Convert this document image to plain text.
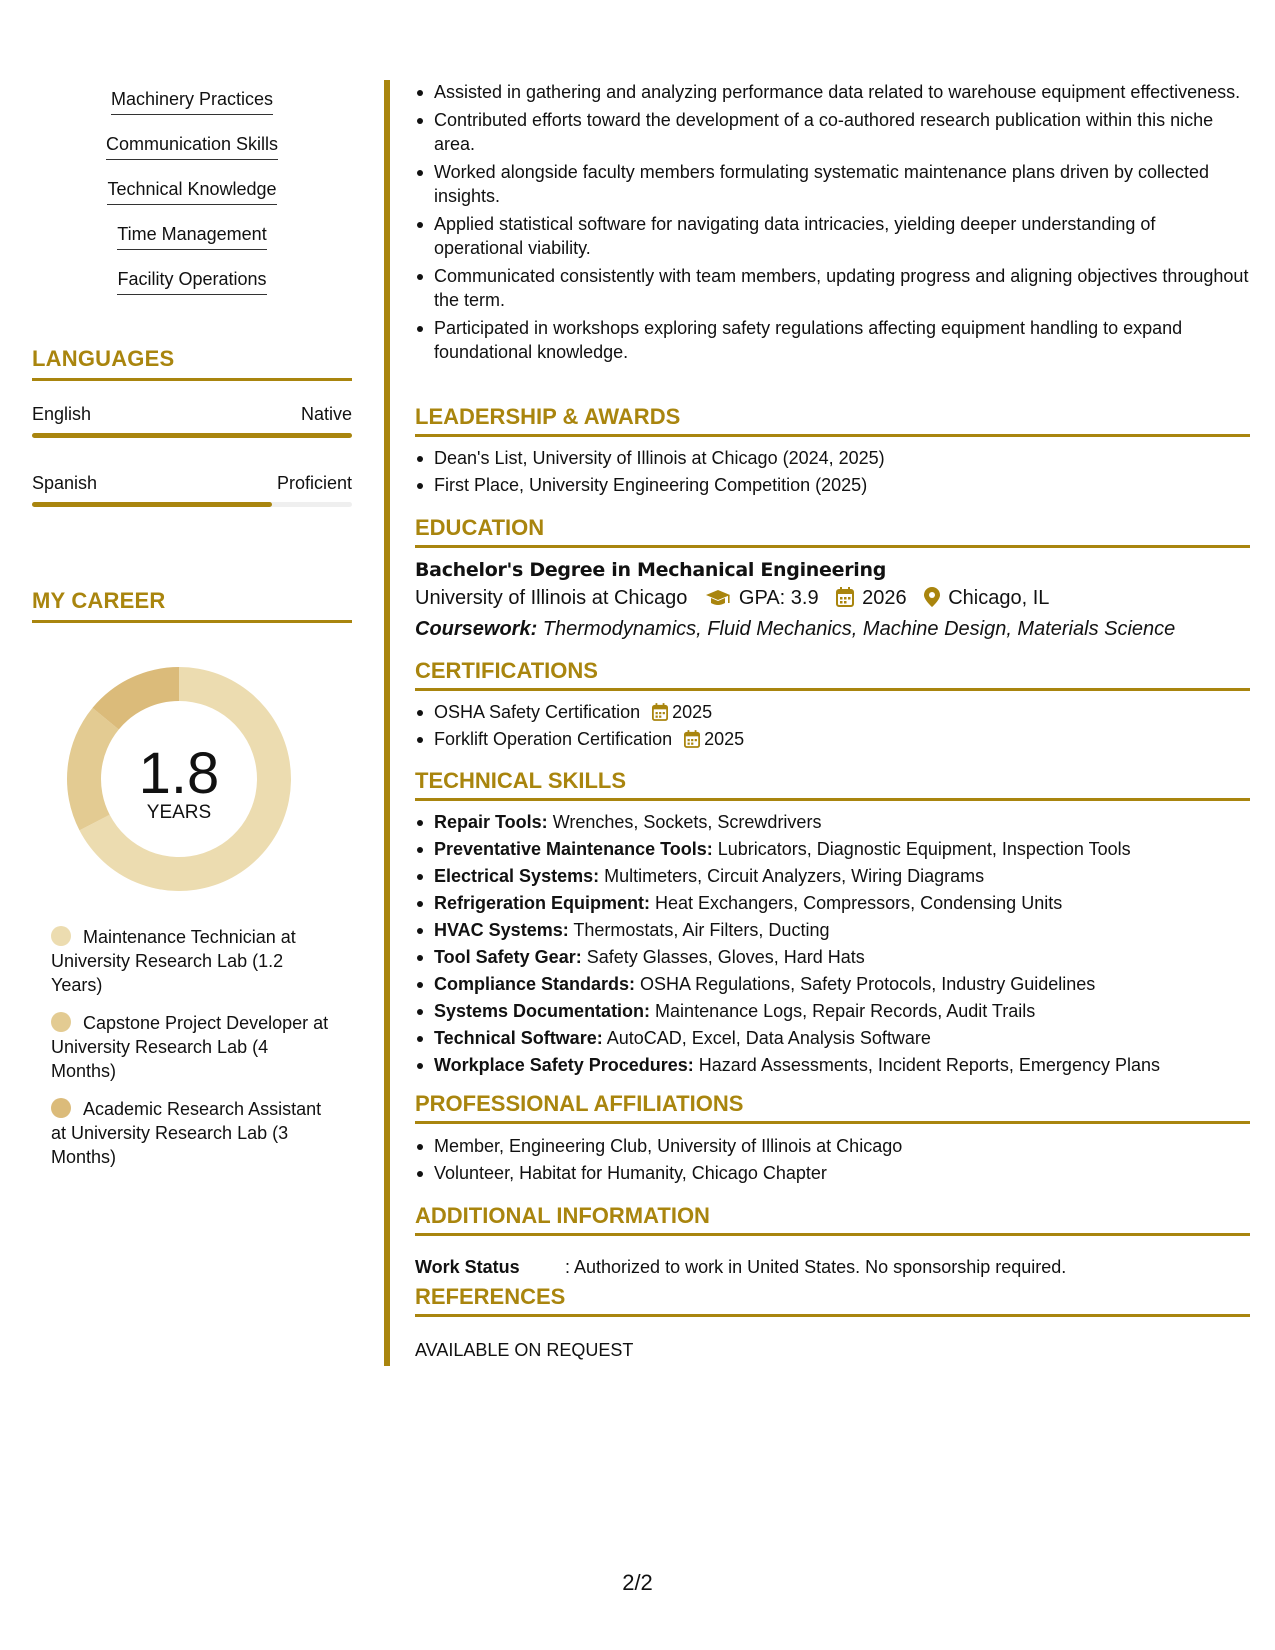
Machinery Practices
Communication Skills
Technical Knowledge
Time Management
Facility Operations
LANGUAGES
English	Native
Spanish	Proficient
MY CAREER
1.8
YEARS
Maintenance Technician at University Research Lab (1.2 Years)
Capstone Project Developer at University Research Lab (4 Months)
Academic Research Assistant at University Research Lab (3 Months)
Assisted in gathering and analyzing performance data related to warehouse equipment effectiveness.
Contributed efforts toward the development of a co-authored research publication within this niche area.
Worked alongside faculty members formulating systematic maintenance plans driven by collected insights.
Applied statistical software for navigating data intricacies, yielding deeper understanding of operational viability.
Communicated consistently with team members, updating progress and aligning objectives throughout the term.
Participated in workshops exploring safety regulations affecting equipment handling to expand foundational knowledge.
LEADERSHIP & AWARDS
Dean's List, University of Illinois at Chicago (2024, 2025)
First Place, University Engineering Competition (2025)
EDUCATION
Bachelor's Degree in Mechanical Engineering
University of Illinois at Chicago	GPA: 3.9 2026 Chicago, IL
Coursework: Thermodynamics, Fluid Mechanics, Machine Design, Materials Science
CERTIFICATIONS
OSHA Safety Certification 2025
Forklift Operation Certification 2025
TECHNICAL SKILLS
Repair Tools: Wrenches, Sockets, Screwdrivers
Preventative Maintenance Tools: Lubricators, Diagnostic Equipment, Inspection Tools
Electrical Systems: Multimeters, Circuit Analyzers, Wiring Diagrams
Refrigeration Equipment: Heat Exchangers, Compressors, Condensing Units
HVAC Systems: Thermostats, Air Filters, Ducting
Tool Safety Gear: Safety Glasses, Gloves, Hard Hats
Compliance Standards: OSHA Regulations, Safety Protocols, Industry Guidelines
Systems Documentation: Maintenance Logs, Repair Records, Audit Trails
Technical Software: AutoCAD, Excel, Data Analysis Software
Workplace Safety Procedures: Hazard Assessments, Incident Reports, Emergency Plans
PROFESSIONAL AFFILIATIONS
Member, Engineering Club, University of Illinois at Chicago
Volunteer, Habitat for Humanity, Chicago Chapter
ADDITIONAL INFORMATION
Work Status	: Authorized to work in United States. No sponsorship required.
REFERENCES
AVAILABLE ON REQUEST
2/2
